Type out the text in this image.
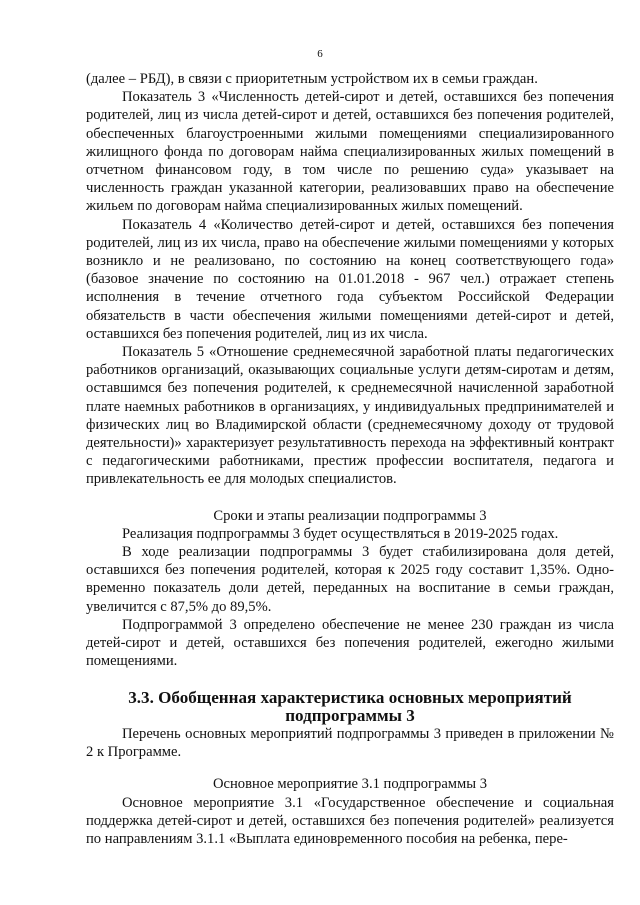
6

(далее – РБД), в связи с приоритетным устройством их в семьи граждан.

Показатель 3 «Численность детей-сирот и детей, оставшихся без попечения родителей, лиц из числа детей-сирот и детей, оставшихся без попечения родителей, обеспеченных благоустроенными жилыми помещениями специализированного жилищного фонда по договорам найма специализированных жилых помещений в отчетном финансовом году, в том числе по решению суда» указывает на численность граждан указанной категории, реализовавших право на обеспечение жильем по договорам найма специализированных жилых помещений.

Показатель 4 «Количество детей-сирот и детей, оставшихся без попечения родителей, лиц из их числа, право на обеспечение жилыми помещениями у которых возникло и не реализовано, по состоянию на конец соответствующего года» (базовое значение по состоянию на 01.01.2018 - 967 чел.) отражает степень исполнения в течение отчетного года субъектом Российской Федерации обязательств в части обеспечения жилыми помещениями детей-сирот и детей, оставшихся без попечения родителей, лиц из их числа.

Показатель 5 «Отношение среднемесячной заработной платы педагогических работников организаций, оказывающих социальные услуги детям-сиротам и детям, оставшимся без попечения родителей, к среднемесячной начисленной заработной плате наемных работников в организациях, у индивидуальных предпринимателей и физических лиц во Владимирской области (среднемесячному доходу от трудовой деятельности)» характеризует результативность перехода на эффективный контракт с педагогическими работниками, престиж профессии воспитателя, педагога и привлекательность ее для молодых специалистов.

Сроки и этапы реализации подпрограммы 3

Реализация подпрограммы 3 будет осуществляться в 2019-2025 годах.

В ходе реализации подпрограммы 3 будет стабилизирована доля детей, оставшихся без попечения родителей, которая к 2025 году составит 1,35%. Одновременно показатель доли детей, переданных на воспитание в семьи граждан, увеличится с 87,5% до 89,5%.

Подпрограммой 3 определено обеспечение не менее 230 граждан из числа детей-сирот и детей, оставшихся без попечения родителей, ежегодно жилыми помещениями.

3.3. Обобщенная характеристика основных мероприятий подпрограммы 3

Перечень основных мероприятий подпрограммы 3 приведен в приложении № 2 к Программе.

Основное мероприятие 3.1 подпрограммы 3

Основное мероприятие 3.1 «Государственное обеспечение и социальная поддержка детей-сирот и детей, оставшихся без попечения родителей» реализуется по направлениям 3.1.1 «Выплата единовременного пособия на ребенка, пере-
